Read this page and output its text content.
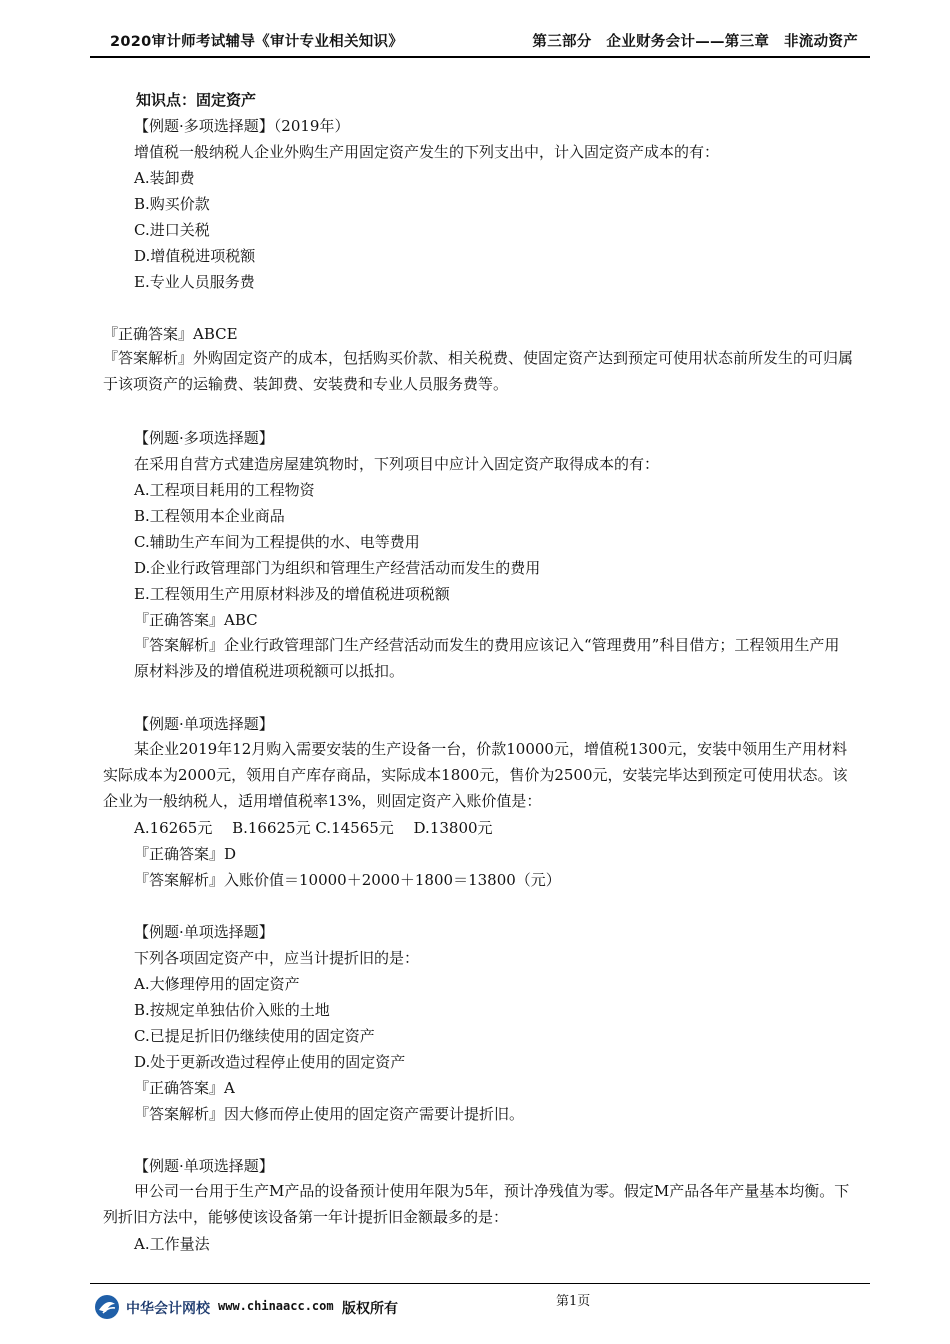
2020审计师考试辅导《审计专业相关知识》	第三部分　企业财务会计——第三章　非流动资产
知识点：固定资产
【例题·多项选择题】（2019年）
增值税一般纳税人企业外购生产用固定资产发生的下列支出中，计入固定资产成本的有：
A.装卸费
B.购买价款
C.进口关税
D.增值税进项税额
E.专业人员服务费
『正确答案』ABCE
『答案解析』外购固定资产的成本，包括购买价款、相关税费、使固定资产达到预定可使用状态前所发生的可归属于该项资产的运输费、装卸费、安装费和专业人员服务费等。
【例题·多项选择题】
在采用自营方式建造房屋建筑物时，下列项目中应计入固定资产取得成本的有：
A.工程项目耗用的工程物资
B.工程领用本企业商品
C.辅助生产车间为工程提供的水、电等费用
D.企业行政管理部门为组织和管理生产经营活动而发生的费用
E.工程领用生产用原材料涉及的增值税进项税额
『正确答案』ABC
『答案解析』企业行政管理部门生产经营活动而发生的费用应该记入“管理费用”科目借方；工程领用生产用原材料涉及的增值税进项税额可以抵扣。
【例题·单项选择题】
某企业2019年12月购入需要安装的生产设备一台，价款10000元，增值税1300元，安装中领用生产用材料实际成本为2000元，领用自产库存商品，实际成本1800元，售价为2500元，安装完毕达到预定可使用状态。该企业为一般纳税人，适用增值税率13%，则固定资产入账价值是：
A.16265元　 B.16625元 C.14565元　 D.13800元
『正确答案』D
『答案解析』入账价值＝10000＋2000＋1800＝13800（元）
【例题·单项选择题】
下列各项固定资产中，应当计提折旧的是：
A.大修理停用的固定资产
B.按规定单独估价入账的土地
C.已提足折旧仍继续使用的固定资产
D.处于更新改造过程停止使用的固定资产
『正确答案』A
『答案解析』因大修而停止使用的固定资产需要计提折旧。
【例题·单项选择题】
甲公司一台用于生产M产品的设备预计使用年限为5年，预计净残值为零。假定M产品各年产量基本均衡。下列折旧方法中，能够使该设备第一年计提折旧金额最多的是：
A.工作量法
中华会计网校 www.chinaacc.com 版权所有	第1页
